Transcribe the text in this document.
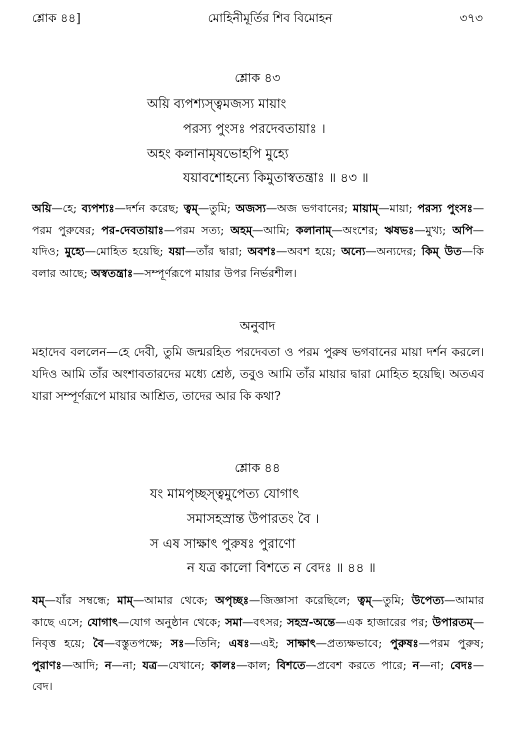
শ্লোক ৪৪]	মোহিনীমূর্তির শিব বিমোহন	৩৭৩
শ্লোক ৪৩
অয়ি ব্যপশ্যস্ত্বমজস্য মায়াং
পরস্য পুংসঃ পরদেবতায়াঃ ।
অহং কলানামৃষভোহপি মুহ্যে
যয়াবশোহন্যে কিমুতাস্বতন্ত্রাঃ ॥ ৪৩ ॥
অয়ি—হে; ব্যপশ্যঃ—দর্শন করেছ; ত্বম্—তুমি; অজস্য—অজ ভগবানের; মায়াম্—মায়া; পরস্য পুংসঃ—পরম পুরুষের; পর-দেবতায়াঃ—পরম সত্য; অহম্—আমি; কলানাম্—অংশের; ঋষভঃ—মুখ্য; অপি—যদিও; মুহ্যে—মোহিত হয়েছি; যয়া—তাঁর দ্বারা; অবশঃ—অবশ হয়ে; অন্যে—অন্যদের; কিম্ উত—কি বলার আছে; অস্বতন্ত্রাঃ—সম্পূর্ণরূপে মায়ার উপর নির্ভরশীল।
অনুবাদ
মহাদেব বললেন—হে দেবী, তুমি জন্মরহিত পরদেবতা ও পরম পুরুষ ভগবানের মায়া দর্শন করলে। যদিও আমি তাঁর অংশাবতারদের মধ্যে শ্রেষ্ঠ, তবুও আমি তাঁর মায়ার দ্বারা মোহিত হয়েছি। অতএব যারা সম্পূর্ণরূপে মায়ার আশ্রিত, তাদের আর কি কথা?
শ্লোক ৪৪
যং মামপৃচ্ছস্ত্বমুপেত্য যোগাৎ
সমাসহস্রান্ত উপারতং বৈ ।
স এষ সাক্ষাৎ পুরুষঃ পুরাণো
ন যত্র কালো বিশতে ন বেদঃ ॥ ৪৪ ॥
যম্—যাঁর সম্বন্ধে; মাম্—আমার থেকে; অপৃচ্ছঃ—জিজ্ঞাসা করেছিলে; ত্বম্—তুমি; উপেত্য—আমার কাছে এসে; যোগাৎ—যোগ অনুষ্ঠান থেকে; সমা—বৎসর; সহস্র-অন্তে—এক হাজারের পর; উপারতম্—নিবৃত্ত হয়ে; বৈ—বস্তুতপক্ষে; সঃ—তিনি; এষঃ—এই; সাক্ষাৎ—প্রত্যক্ষভাবে; পুরুষঃ—পরম পুরুষ; পুরাণঃ—আদি; ন—না; যত্র—যেখানে; কালঃ—কাল; বিশতে—প্রবেশ করতে পারে; ন—না; বেদঃ—বেদ।
